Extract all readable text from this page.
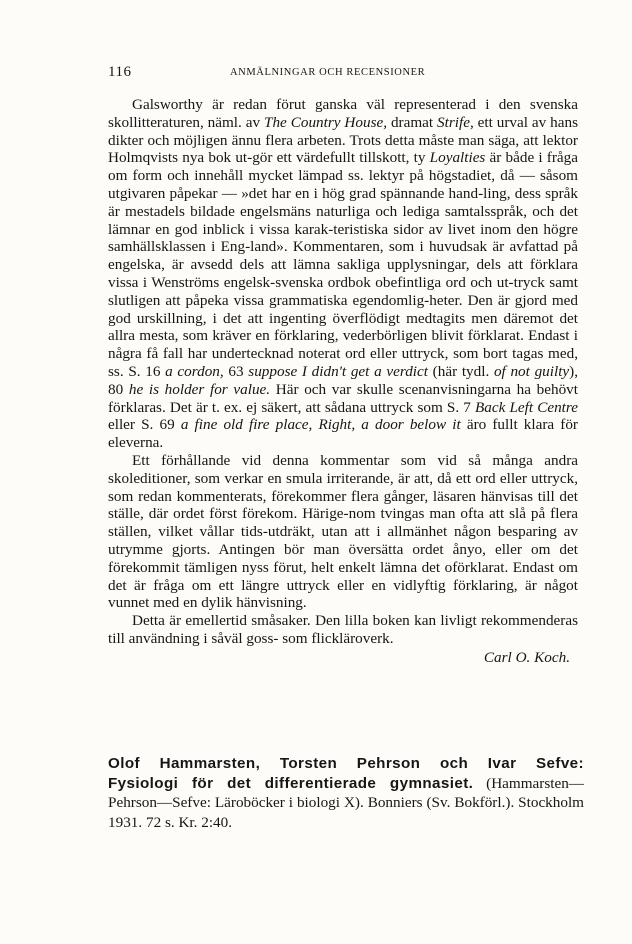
116	ANMÄLNINGAR OCH RECENSIONER

Galsworthy är redan förut ganska väl representerad i den svenska skollitteraturen, näml. av The Country House, dramat Strife, ett urval av hans dikter och möjligen ännu flera arbeten. Trots detta måste man säga, att lektor Holmqvists nya bok ut-gör ett värdefullt tillskott, ty Loyalties är både i fråga om form och innehåll mycket lämpad ss. lektyr på högstadiet, då — såsom utgivaren påpekar — »det har en i hög grad spännande hand-ling, dess språk är mestadels bildade engelsmäns naturliga och lediga samtalsspråk, och det lämnar en god inblick i vissa karak-teristiska sidor av livet inom den högre samhällsklassen i Eng-land». Kommentaren, som i huvudsak är avfattad på engelska, är avsedd dels att lämna sakliga upplysningar, dels att förklara vissa i Wenströms engelsk-svenska ordbok obefintliga ord och ut-tryck samt slutligen att påpeka vissa grammatiska egendomlig-heter. Den är gjord med god urskillning, i det att ingenting överflödigt medtagits men däremot det allra mesta, som kräver en förklaring, vederbörligen blivit förklarat. Endast i några få fall har undertecknad noterat ord eller uttryck, som bort tagas med, ss. S. 16 a cordon, 63 suppose I didn't get a verdict (här tydl. of not guilty), 80 he is holder for value. Här och var skulle scenanvisningarna ha behövt förklaras. Det är t. ex. ej säkert, att sådana uttryck som S. 7 Back Left Centre eller S. 69 a fine old fire place, Right, a door below it äro fullt klara för eleverna.

Ett förhållande vid denna kommentar som vid så många andra skoleditioner, som verkar en smula irriterande, är att, då ett ord eller uttryck, som redan kommenterats, förekommer flera gånger, läsaren hänvisas till det ställe, där ordet först förekom. Härige-nom tvingas man ofta att slå på flera ställen, vilket vållar tids-utdräkt, utan att i allmänhet någon besparing av utrymme gjorts. Antingen bör man översätta ordet ånyo, eller om det förekommit tämligen nyss förut, helt enkelt lämna det oförklarat. Endast om det är fråga om ett längre uttryck eller en vidlyftig förklaring, är något vunnet med en dylik hänvisning.

Detta är emellertid småsaker. Den lilla boken kan livligt rekommenderas till användning i såväl goss- som flickläroverk.

Carl O. Koch.
Olof Hammarsten, Torsten Pehrson och Ivar Sefve:
Fysiologi för det differentierade gymnasiet. (Hammarsten—Pehrson—Sefve: Läroböcker i biologi X). Bonniers (Sv. Bokförl.). Stockholm 1931. 72 s. Kr. 2:40.
